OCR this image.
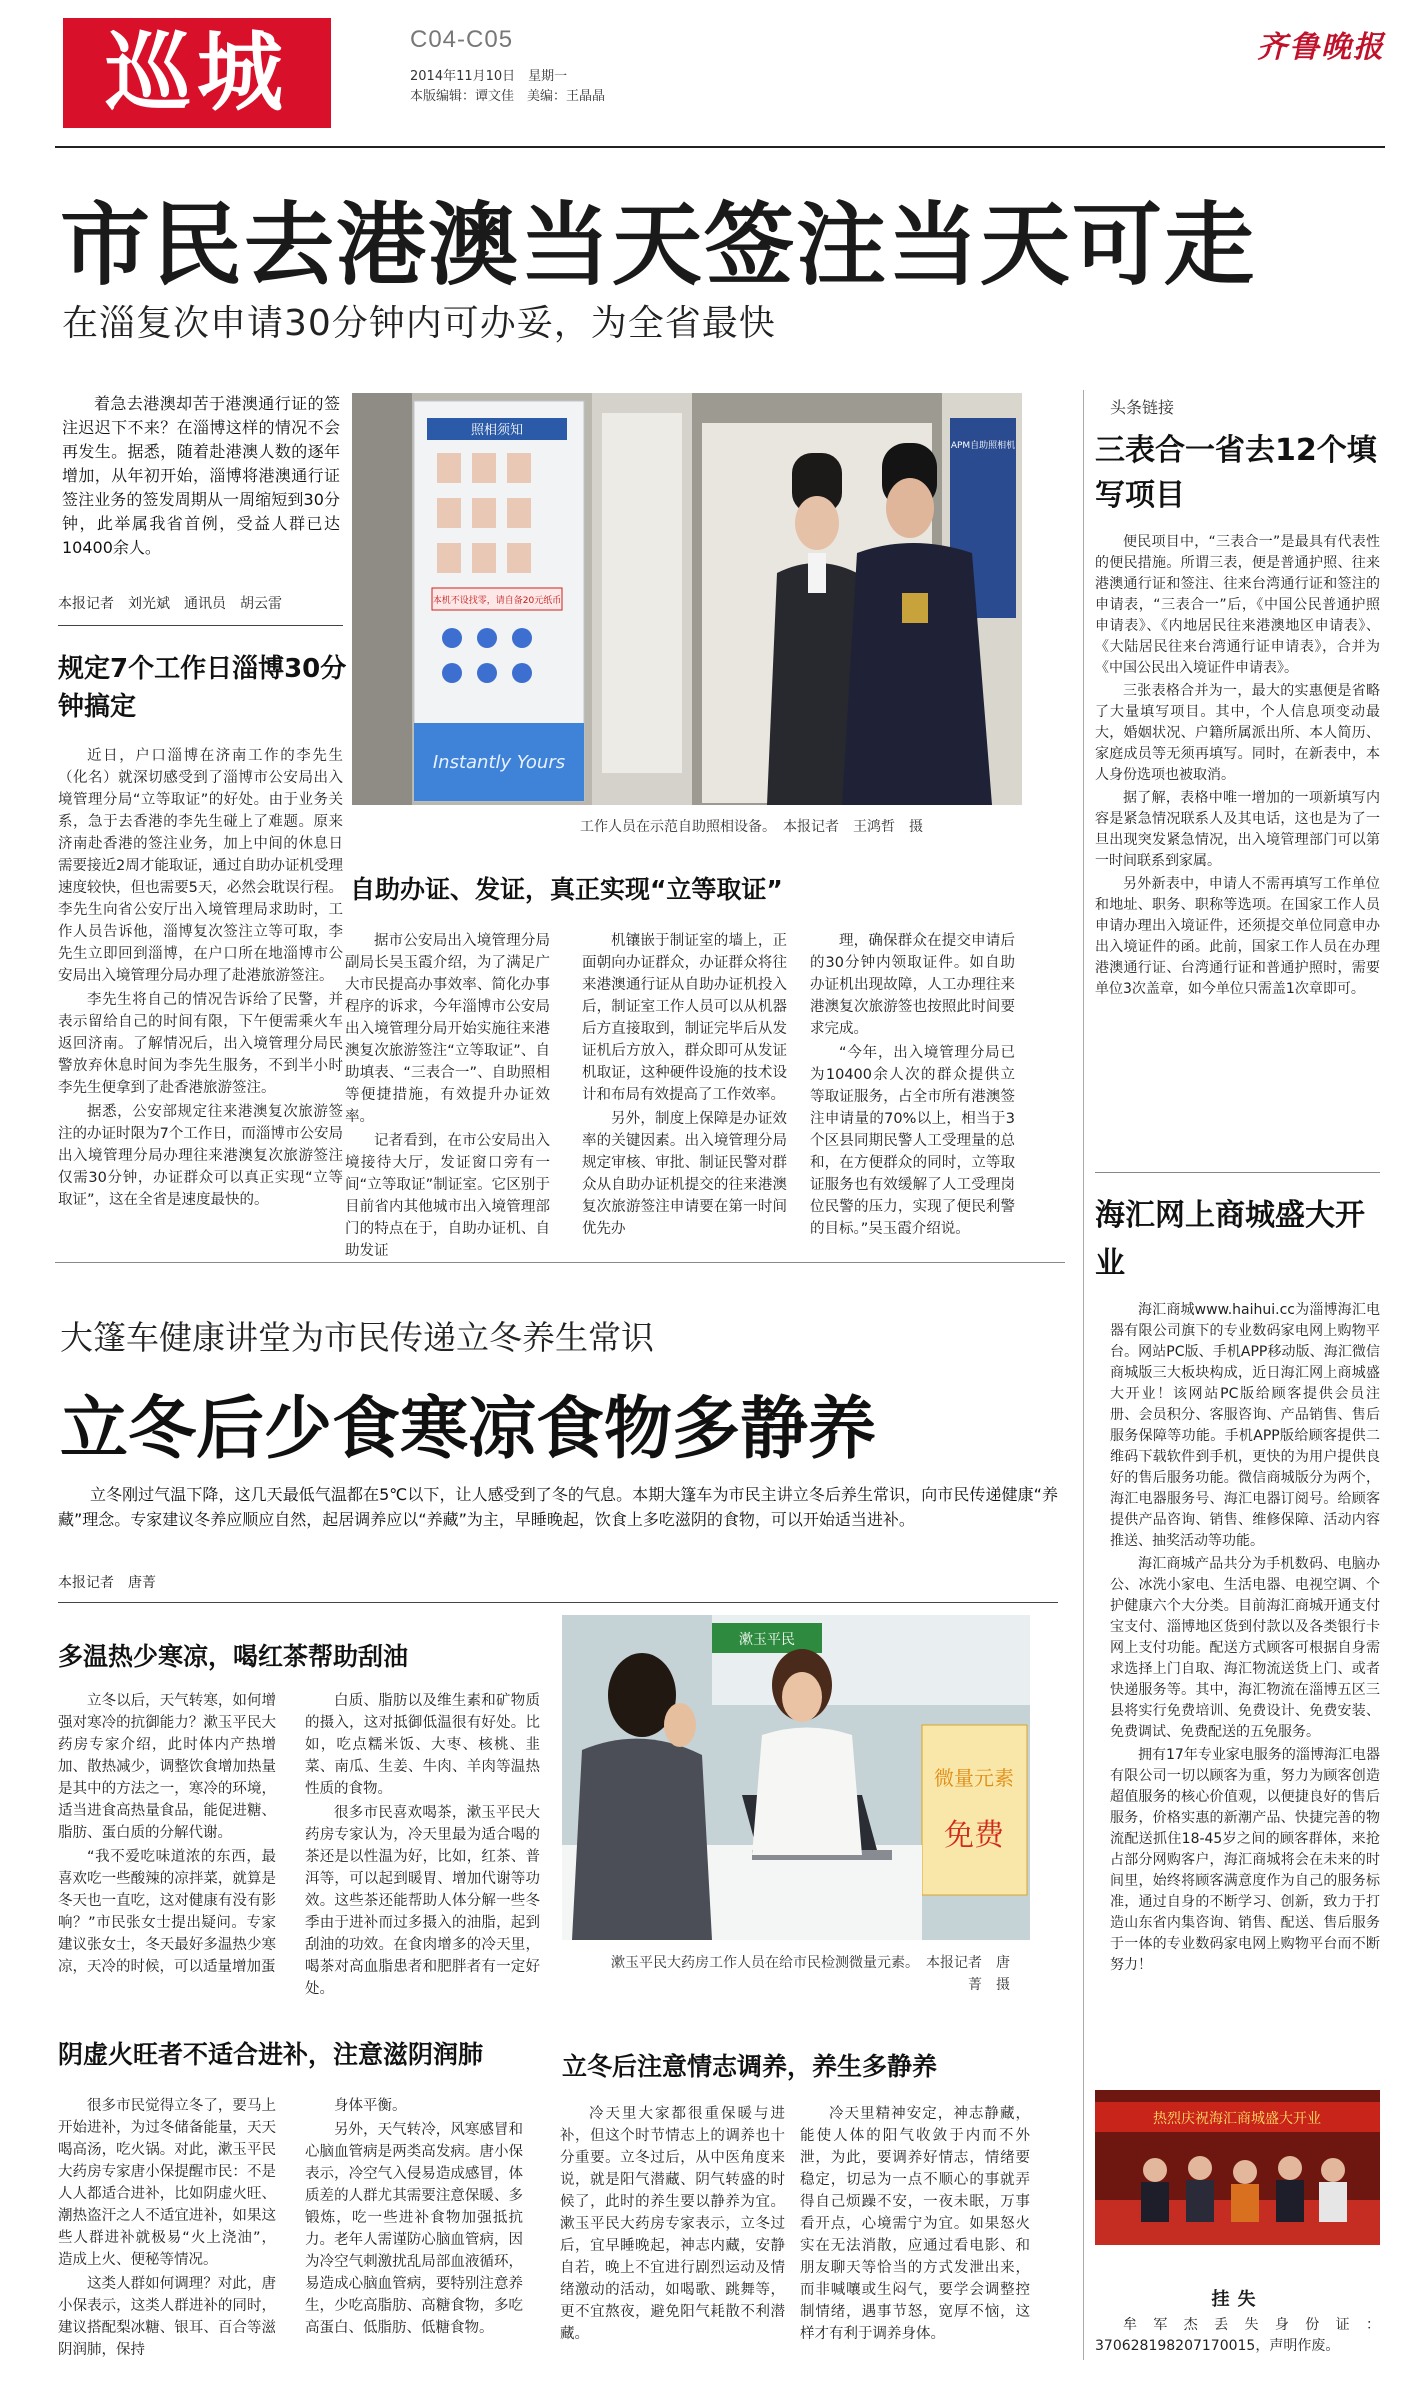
巡城	C04-C05
2014年11月10日　星期一
本版编辑：谭文佳　美编：王晶晶
齐鲁晚报
市民去港澳当天签注当天可走
在淄复次申请30分钟内可办妥，为全省最快
着急去港澳却苦于港澳通行证的签注迟迟下不来？在淄博这样的情况不会再发生。据悉，随着赴港澳人数的逐年增加，从年初开始，淄博将港澳通行证签注业务的签发周期从一周缩短到30分钟，此举属我省首例，受益人群已达10400余人。
本报记者　刘光斌　通讯员　胡云雷
规定7个工作日淄博30分钟搞定

近日，户口淄博在济南工作的李先生（化名）就深切感受到了淄博市公安局出入境管理分局“立等取证”的好处。由于业务关系，急于去香港的李先生碰上了难题。原来济南赴香港的签注业务，加上中间的休息日需要接近2周才能取证，通过自助办证机受理速度较快，但也需要5天，必然会耽误行程。李先生向省公安厅出入境管理局求助时，工作人员告诉他，淄博复次签注立等可取，李先生立即回到淄博，在户口所在地淄博市公安局出入境管理分局办理了赴港旅游签注。

李先生将自己的情况告诉给了民警，并表示留给自己的时间有限，下午便需乘火车返回济南。了解情况后，出入境管理分局民警放弃休息时间为李先生服务，不到半小时李先生便拿到了赴香港旅游签注。

据悉，公安部规定往来港澳复次旅游签注的办证时限为7个工作日，而淄博市公安局出入境管理分局办理往来港澳复次旅游签注仅需30分钟，办证群众可以真正实现“立等取证”，这在全省是速度最快的。

照相须知
本机不设找零，请自备20元纸币
Instantly Yours
APM自助照相机
工作人员在示范自助照相设备。　本报记者　王鸿哲　摄
自助办证、发证，真正实现“立等取证”

据市公安局出入境管理分局副局长吴玉霞介绍，为了满足广大市民提高办事效率、简化办事程序的诉求，今年淄博市公安局出入境管理分局开始实施往来港澳复次旅游签注“立等取证”、自助填表、“三表合一”、自助照相等便捷措施，有效提升办证效率。

记者看到，在市公安局出入境接待大厅，发证窗口旁有一间“立等取证”制证室。它区别于目前省内其他城市出入境管理部门的特点在于，自助办证机、自助发证

机镶嵌于制证室的墙上，正面朝向办证群众，办证群众将往来港澳通行证从自助办证机投入后，制证室工作人员可以从机器后方直接取到，制证完毕后从发证机后方放入，群众即可从发证机取证，这种硬件设施的技术设计和布局有效提高了工作效率。

另外，制度上保障是办证效率的关键因素。出入境管理分局规定审核、审批、制证民警对群众从自助办证机提交的往来港澳复次旅游签注申请要在第一时间优先办

理，确保群众在提交申请后的30分钟内领取证件。如自助办证机出现故障，人工办理往来港澳复次旅游签也按照此时间要求完成。

“今年，出入境管理分局已为10400余人次的群众提供立等取证服务，占全市所有港澳签注申请量的70%以上，相当于3个区县同期民警人工受理量的总和，在方便群众的同时，立等取证服务也有效缓解了人工受理岗位民警的压力，实现了便民利警的目标。”吴玉霞介绍说。

头条链接
三表合一省去12个填写项目

便民项目中，“三表合一”是最具有代表性的便民措施。所谓三表，便是普通护照、往来港澳通行证和签注、往来台湾通行证和签注的申请表，“三表合一”后，《中国公民普通护照申请表》、《内地居民往来港澳地区申请表》、《大陆居民往来台湾通行证申请表》，合并为《中国公民出入境证件申请表》。

三张表格合并为一，最大的实惠便是省略了大量填写项目。其中，个人信息项变动最大，婚姻状况、户籍所属派出所、本人简历、家庭成员等无须再填写。同时，在新表中，本人身份选项也被取消。

据了解，表格中唯一增加的一项新填写内容是紧急情况联系人及其电话，这也是为了一旦出现突发紧急情况，出入境管理部门可以第一时间联系到家属。

另外新表中，申请人不需再填写工作单位和地址、职务、职称等选项。在国家工作人员申请办理出入境证件，还须提交单位同意申办出入境证件的函。此前，国家工作人员在办理港澳通行证、台湾通行证和普通护照时，需要单位3次盖章，如今单位只需盖1次章即可。

海汇网上商城盛大开业

海汇商城www.haihui.cc为淄博海汇电器有限公司旗下的专业数码家电网上购物平台。网站PC版、手机APP移动版、海汇微信商城版三大板块构成，近日海汇网上商城盛大开业！该网站PC版给顾客提供会员注册、会员积分、客服咨询、产品销售、售后服务保障等功能。手机APP版给顾客提供二维码下载软件到手机，更快的为用户提供良好的售后服务功能。微信商城版分为两个，海汇电器服务号、海汇电器订阅号。给顾客提供产品咨询、销售、维修保障、活动内容推送、抽奖活动等功能。

海汇商城产品共分为手机数码、电脑办公、冰洗小家电、生活电器、电视空调、个护健康六个大分类。目前海汇商城开通支付宝支付、淄博地区货到付款以及各类银行卡网上支付功能。配送方式顾客可根据自身需求选择上门自取、海汇物流送货上门、或者快递服务等。其中，海汇物流在淄博五区三县将实行免费培训、免费设计、免费安装、免费调试、免费配送的五免服务。

拥有17年专业家电服务的淄博海汇电器有限公司一切以顾客为重，努力为顾客创造超值服务的核心价值观，以便捷良好的售后服务，价格实惠的新潮产品、快捷完善的物流配送抓住18-45岁之间的顾客群体，来抢占部分网购客户，海汇商城将会在未来的时间里，始终将顾客满意度作为自己的服务标准，通过自身的不断学习、创新，致力于打造山东省内集咨询、销售、配送、售后服务于一体的专业数码家电网上购物平台而不断努力！

热烈庆祝海汇商城盛大开业
挂失
牟军杰丢失身份证：370628198207170015，声明作废。
大篷车健康讲堂为市民传递立冬养生常识
立冬后少食寒凉食物多静养
立冬刚过气温下降，这几天最低气温都在5℃以下，让人感受到了冬的气息。本期大篷车为市民主讲立冬后养生常识，向市民传递健康“养藏”理念。专家建议冬养应顺应自然，起居调养应以“养藏”为主，早睡晚起，饮食上多吃滋阴的食物，可以开始适当进补。
本报记者　唐菁
多温热少寒凉，喝红茶帮助刮油

立冬以后，天气转寒，如何增强对寒冷的抗御能力？漱玉平民大药房专家介绍，此时体内产热增加、散热减少，调整饮食增加热量是其中的方法之一，寒冷的环境，适当进食高热量食品，能促进糖、脂肪、蛋白质的分解代谢。

“我不爱吃味道浓的东西，最喜欢吃一些酸辣的凉拌菜，就算是冬天也一直吃，这对健康有没有影响？”市民张女士提出疑问。专家建议张女士，冬天最好多温热少寒凉，天冷的时候，可以适量增加蛋

白质、脂肪以及维生素和矿物质的摄入，这对抵御低温很有好处。比如，吃点糯米饭、大枣、核桃、韭菜、南瓜、生姜、牛肉、羊肉等温热性质的食物。

很多市民喜欢喝茶，漱玉平民大药房专家认为，冷天里最为适合喝的茶还是以性温为好，比如，红茶、普洱等，可以起到暖胃、增加代谢等功效。这些茶还能帮助人体分解一些冬季由于进补而过多摄入的油脂，起到刮油的功效。在食肉增多的冷天里，喝茶对高血脂患者和肥胖者有一定好处。

漱玉平民
微量元素
免费
漱玉平民大药房工作人员在给市民检测微量元素。　本报记者　唐菁　摄
阴虚火旺者不适合进补，注意滋阴润肺

很多市民觉得立冬了，要马上开始进补，为过冬储备能量，天天喝高汤，吃火锅。对此，漱玉平民大药房专家唐小保提醒市民：不是人人都适合进补，比如阴虚火旺、潮热盗汗之人不适宜进补，如果这些人群进补就极易“火上浇油”，造成上火、便秘等情况。

这类人群如何调理？对此，唐小保表示，这类人群进补的同时，建议搭配梨冰糖、银耳、百合等滋阴润肺，保持

身体平衡。

另外，天气转冷，风寒感冒和心脑血管病是两类高发病。唐小保表示，冷空气入侵易造成感冒，体质差的人群尤其需要注意保暖、多锻炼，吃一些进补食物加强抵抗力。老年人需谨防心脑血管病，因为冷空气刺激扰乱局部血液循环，易造成心脑血管病，要特别注意养生，少吃高脂肪、高糖食物，多吃高蛋白、低脂肪、低糖食物。

立冬后注意情志调养，养生多静养

冷天里大家都很重保暖与进补，但这个时节情志上的调养也十分重要。立冬过后，从中医角度来说，就是阳气潜藏、阴气转盛的时候了，此时的养生要以静养为宜。漱玉平民大药房专家表示，立冬过后，宜早睡晚起，神志内藏，安静自若，晚上不宜进行剧烈运动及情绪激动的活动，如喝歌、跳舞等，更不宜熬夜，避免阳气耗散不利潜藏。

冷天里精神安定，神志静藏，能使人体的阳气收敛于内而不外泄，为此，要调养好情志，情绪要稳定，切忌为一点不顺心的事就弄得自己烦躁不安，一夜未眠，万事看开点，心境需宁为宜。如果怒火实在无法消散，应通过看电影、和朋友聊天等恰当的方式发泄出来，而非喊嚷或生闷气，要学会调整控制情绪，遇事节怒，宽厚不恼，这样才有利于调养身体。
